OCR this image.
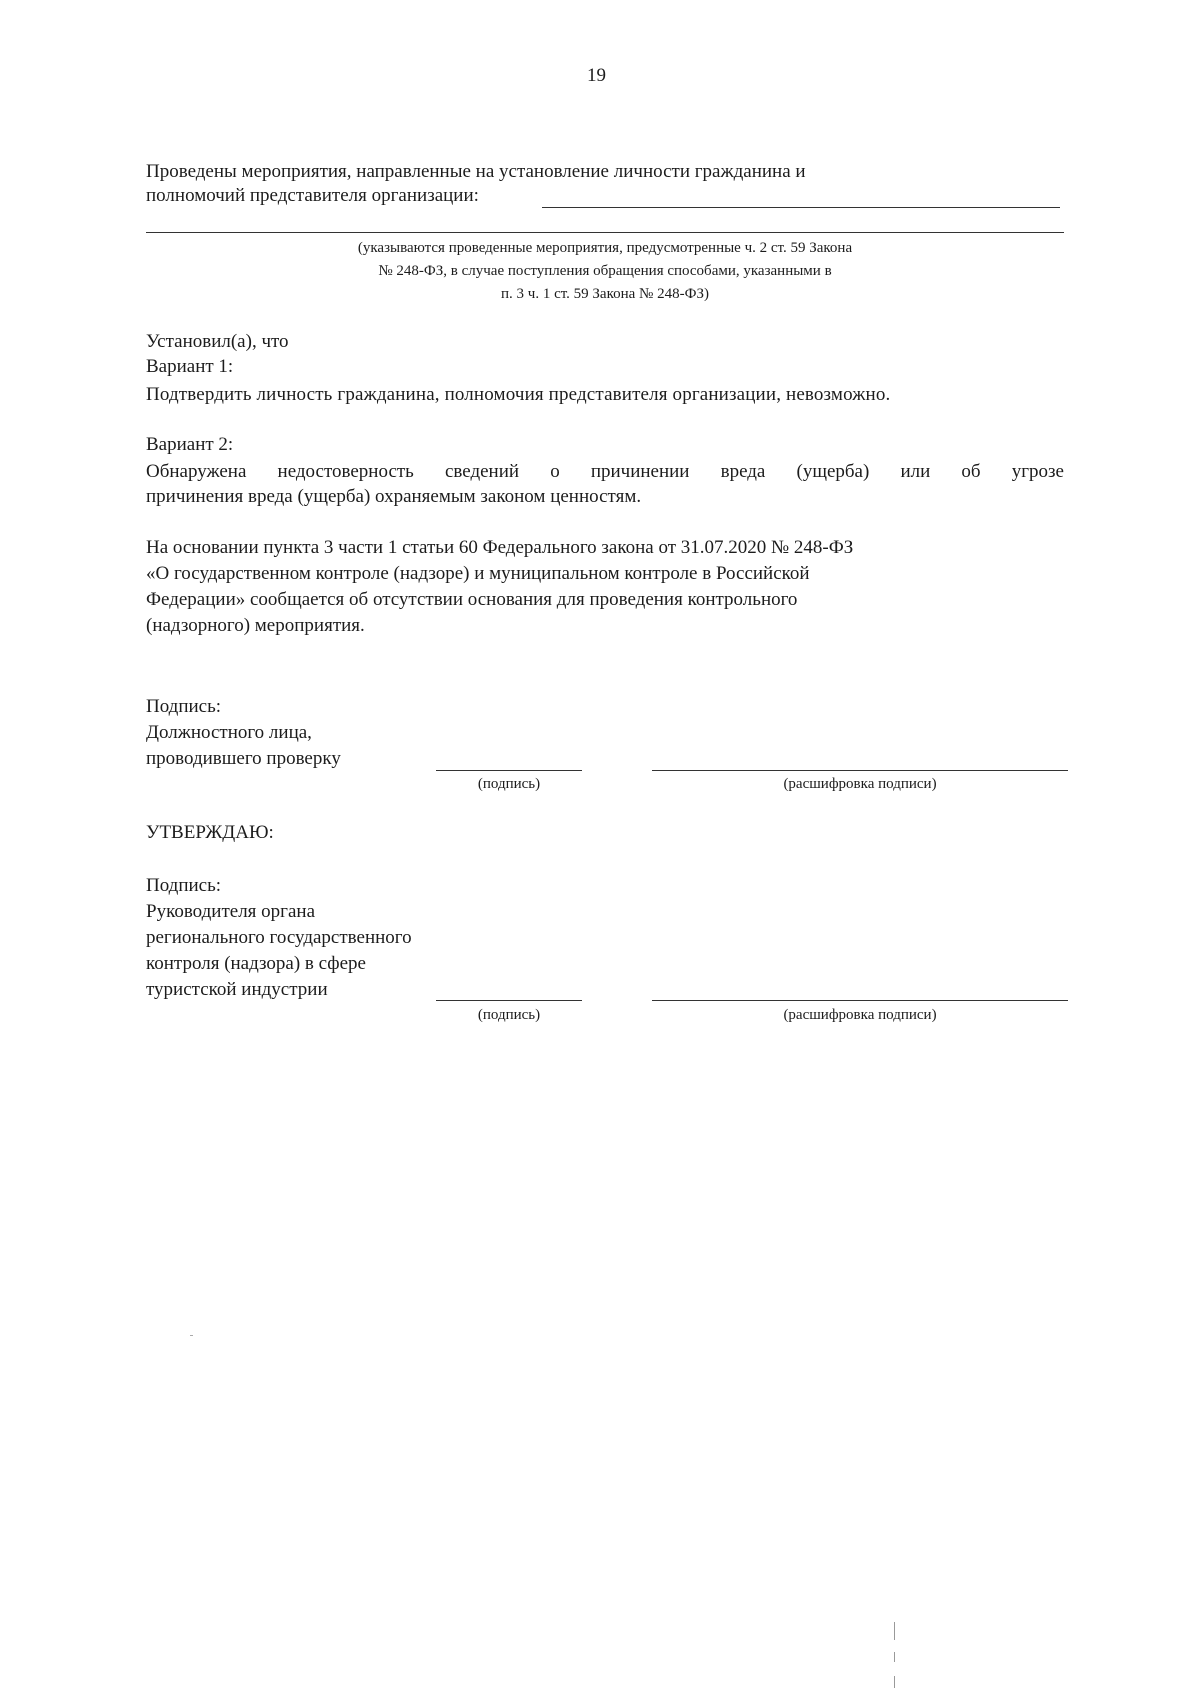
19
Проведены мероприятия, направленные на установление личности гражданина и
полномочий представителя организации:
(указываются проведенные мероприятия, предусмотренные ч. 2 ст. 59 Закона
№ 248-ФЗ, в случае поступления обращения способами, указанными в
п. 3 ч. 1 ст. 59 Закона № 248-ФЗ)
Установил(а), что
Вариант 1:
Подтвердить личность гражданина, полномочия представителя организации, невозможно.
Вариант 2:
Обнаружена недостоверность сведений о причинении вреда (ущерба) или об угрозе
причинения вреда (ущерба) охраняемым законом ценностям.
На основании пункта 3 части 1 статьи 60 Федерального закона от 31.07.2020 № 248-ФЗ
«О государственном контроле (надзоре) и муниципальном контроле в Российской
Федерации» сообщается об отсутствии основания для проведения контрольного
(надзорного) мероприятия.
Подпись:
Должностного лица,
проводившего проверку
(подпись)	(расшифровка подписи)
УТВЕРЖДАЮ:
Подпись:
Руководителя органа
регионального государственного
контроля (надзора) в сфере
туристской индустрии
(подпись)	(расшифровка подписи)
